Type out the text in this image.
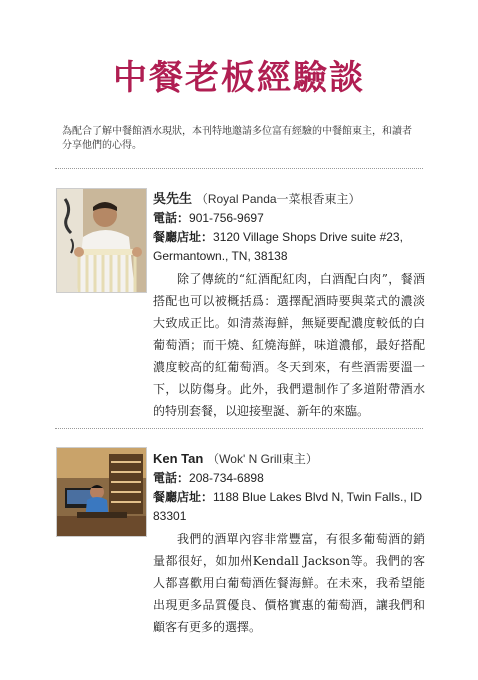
中餐老板經驗談
為配合了解中餐館酒水現狀，本刊特地邀請多位富有經驗的中餐館東主，和讀者分享他們的心得。
吳先生 （Royal Panda一菜根香東主）
電話：901-756-9697
餐廳店址：3120 Village Shops Drive suite #23,
Germantown., TN, 38138
除了傳統的“紅酒配紅肉，白酒配白肉”，餐酒搭配也可以被概括爲：選擇配酒時要與菜式的濃淡大致成正比。如清蒸海鮮，無疑要配濃度較低的白葡萄酒；而干燒、紅燒海鮮，味道濃郁，最好搭配濃度較高的紅葡萄酒。冬天到來，有些酒需要溫一下，以防傷身。此外，我們還制作了多道附帶酒水的特別套餐，以迎接聖誕、新年的來臨。
Ken Tan （Wok' N Grill東主）
電話：208-734-6898
餐廳店址：1188 Blue Lakes Blvd N, Twin Falls., ID
83301
我們的酒單內容非常豐富，有很多葡萄酒的銷量都很好，如加州Kendall Jackson等。我們的客人都喜歡用白葡萄酒佐餐海鮮。在未來，我希望能出現更多品質優良、價格實惠的葡萄酒，讓我們和顧客有更多的選擇。
